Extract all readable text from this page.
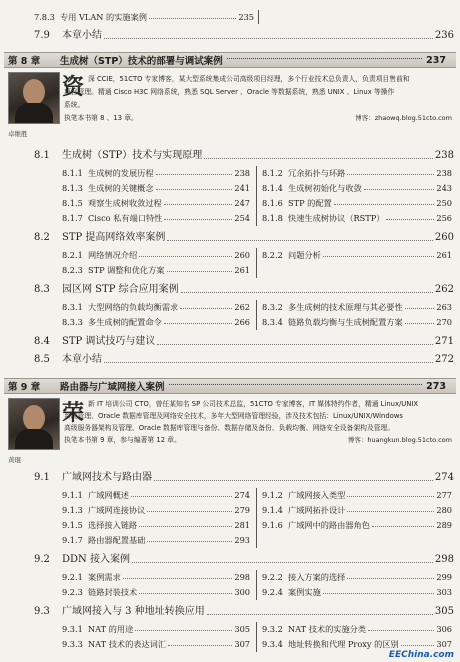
7.8.3 专用 VLAN 的实施案例	235
7.9	本章小结	236
第 8 章	生成树（STP）技术的部署与调试案例	237
卓维胜
资 深 CCIE，51CTO 专家博客，某大型系统集成公司高级项目经理，多个行业技术总负责人，负责项目售前和
项目管理。精通 Cisco H3C 网络系统，熟悉 SQL Server 、Oracle 等数据系统，熟悉 UNIX 、Linux 等操作
系统。
执笔本书第 8 、13 章。	博客：zhaowq.blog.51cto.com
8.1	生成树（STP）技术与实现原理	238
8.1.1 生成树的发展历程	238 8.1.2 冗余拓扑与环路	238
8.1.3 生成树的关键概念	241 8.1.4 生成树初始化与收敛	243
8.1.5 观察生成树收敛过程	247 8.1.6 STP 的配置	250
8.1.7 Cisco 私有端口特性	254 8.1.8 快速生成树协议（RSTP）	256
8.2	STP 提高网络效率案例	260
8.2.1 网络情况介绍	260 8.2.2 问题分析	261
8.2.3 STP 调整和优化方案	261
8.3	园区网 STP 综合应用案例	262
8.3.1 大型网络的负载均衡需求	262 8.3.2 多生成树的技术原理与其必要性	263
8.3.3 多生成树的配置命令	266 8.3.4 链路负载均衡与生成树配置方案	270
8.4	STP 调试技巧与建议	271
8.5	本章小结	272
第 9 章	路由器与广域网接入案例	273
黄琨
荣 新 IT 培训公司 CTO，曾任某知名 SP 公司技术总监，51CTO 专家博客，IT 媒体特约作者，精通 Linux/UNIX
系统管理、Oracle 数据库管理及网络安全技术，多年大型网络管理经验，涉及技术包括：Linux/UNIX/Windows
高级服务器架构及管理、Oracle 数据库管理与备份、数据存储及备份、负载均衡、网络安全设备架构及管理。
执笔本书第 9 章，参与编著第 12 章。	博客：huangkun.blog.51cto.com
9.1	广域网技术与路由器	274
9.1.1 广域网概述	274 9.1.2 广域网接入类型	277
9.1.3 广域网连接协议	279 9.1.4 广域网拓扑设计	280
9.1.5 选择接入链路	281 9.1.6 广域网中的路由器角色	289
9.1.7 路由器配置基础	293
9.2	DDN 接入案例	298
9.2.1 案例需求	298 9.2.2 接入方案的选择	299
9.2.3 链路封装技术	300 9.2.4 案例实施	303
9.3	广域网接入与 3 种地址转换应用	305
9.3.1 NAT 的用途	305 9.3.2 NAT 技术的实施分类	306
9.3.3 NAT 技术的表达词汇	307 9.3.4 地址转换和代理 Proxy 的区别	307
EEChina.com
